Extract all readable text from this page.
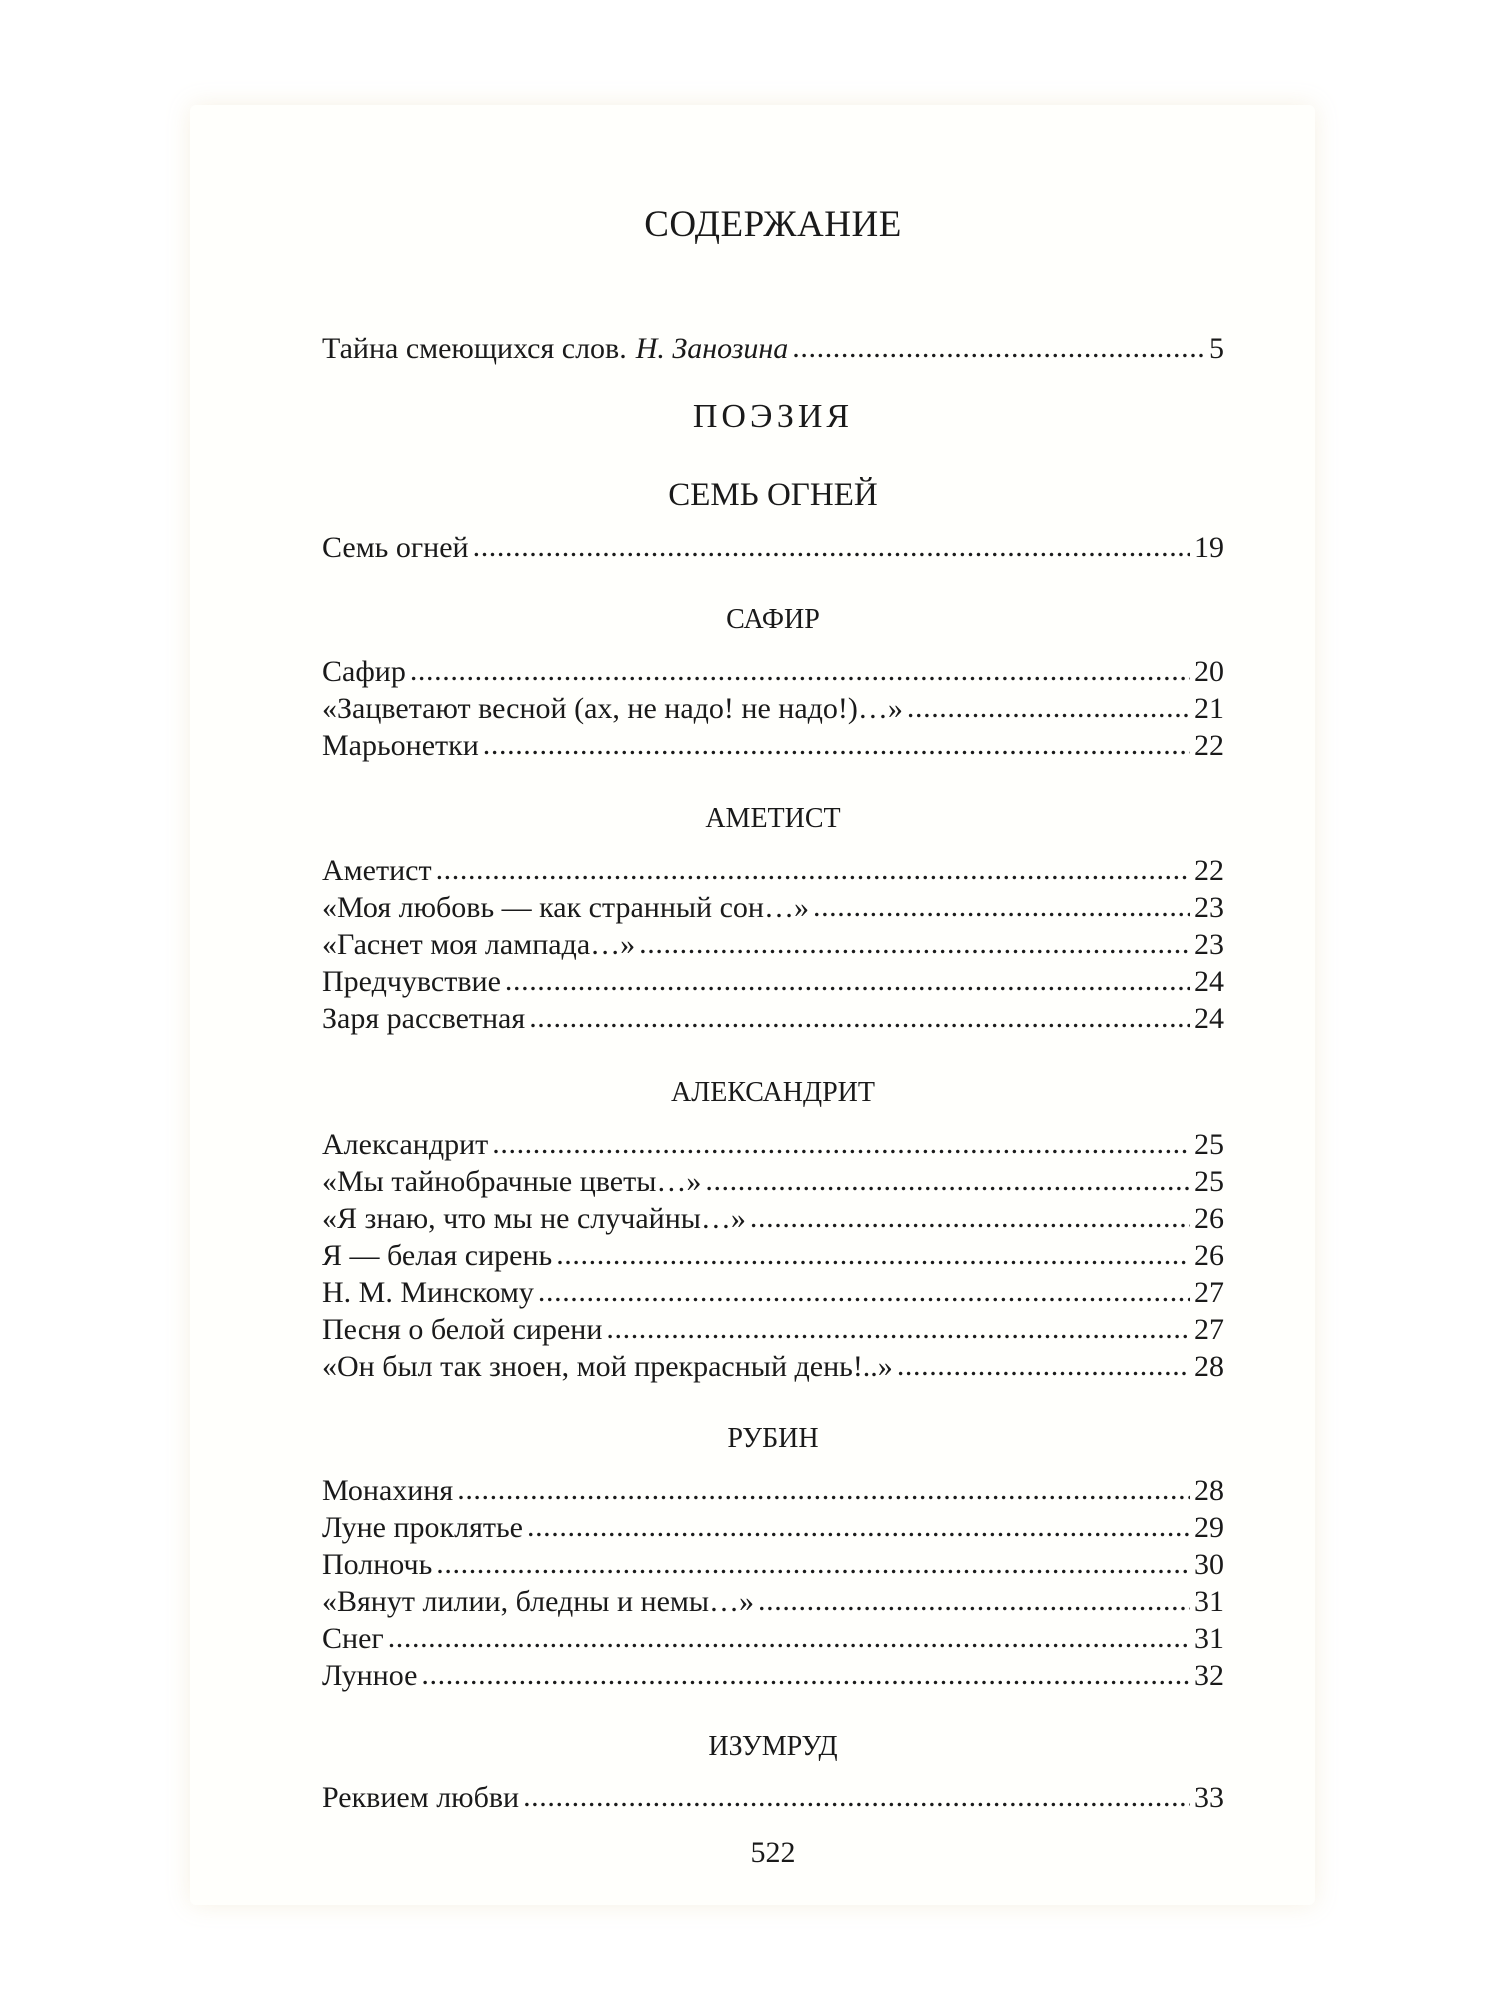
СОДЕРЖАНИЕ
Тайна смеющихся слов. Н. Занозина .....	5
ПОЭЗИЯ
СЕМЬ ОГНЕЙ
Семь огней .....	19
САФИР
Сафир .....	20
«Зацветают весной (ах, не надо! не надо!)…» .....	21
Марьонетки .....	22
АМЕТИСТ
Аметист .....	22
«Моя любовь — как странный сон…» .....	23
«Гаснет моя лампада…» .....	23
Предчувствие .....	24
Заря рассветная .....	24
АЛЕКСАНДРИТ
Александрит .....	25
«Мы тайнобрачные цветы…» .....	25
«Я знаю, что мы не случайны…» .....	26
Я — белая сирень .....	26
Н. М. Минскому .....	27
Песня о белой сирени .....	27
«Он был так зноен, мой прекрасный день!..» .....	28
РУБИН
Монахиня .....	28
Луне проклятье .....	29
Полночь .....	30
«Вянут лилии, бледны и немы…» .....	31
Снег .....	31
Лунное .....	32
ИЗУМРУД
Реквием любви .....	33
522
